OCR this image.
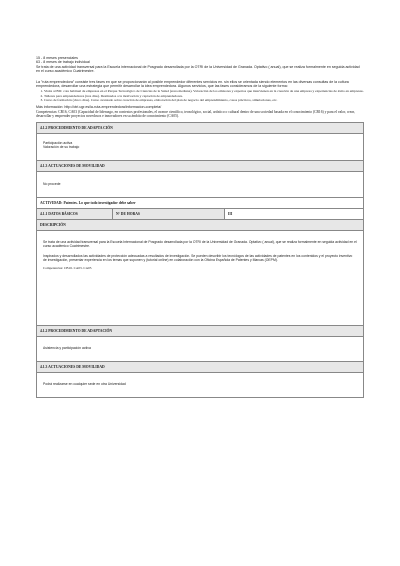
15 - 8 meses presenciales

63 - 8 meses de trabajo individual

Se trata de una actividad transversal para la Escuela internacional de Posgrado desarrollada por la OTRI de la Universidad de Granada. Optativo ( anual), que se realiza formalmente en seguida actividad en el curso académico Cuatrimestre.

La "ruta emprendedora" consiste tres fases en que se proporcionarán al posible emprendedor diferentes servicios en. sin ellos se orientada siendo elementos en las diversas consultas de la cultura emprendedora, desarrollar una estrategia que permitir desarrollar la idea emprendedora. Algunos servicios, que las fases consideramos de la siguiente forma:

1. Visita al BIC cota habitual de empresas en el Parque Tecnológico de Ciencias de la Salud (zona mediana). Valoración de los emisores y expertos que intervienen en la creación de una empresa y experiencias de éxito en empresas.
2. Talleres para emprendedores (tres días). Destinados a la motivación y captación de emprendedores.
3. Curso de formación (cinco días). Curso avanzado sobre creación de empresas, elaboración del plan de negocio del emprendimiento, casos prácticos, simulaciones, etc.

Más información: http://otri.ugr.es/la-ruta-emprendedora/informacion-completa/

Competencias: CB16, CA03 (Capacidad de liderazgo, en contextos profesionales, el avance científico, tecnológico, social, artístico o cultural dentro de una sociedad basada en el conocimiento (CB16) y para el valor, crear, desarrollar y emprender proyectos novedosos e innovadores en su ámbito de conocimiento (CA05).

4.1.2 PROCEDIMIENTO DE ADAPTA CIÓN
Participación activa
Valoración de su trabajo
4.1.3 ACTUACIONES DE MOVILIDAD
No procede
ACTIVIDAD: Patentes. Lo que todo investigador debe saber
4.1.1 DATOS BÁSICOS	Nº DE HORAS	III
DESCRIPCIÓN
Se trata de una actividad transversal para la Escuela Internacional de Posgrado desarrollada por la OTRI de la Universidad de Granada. Optativo ( anual), que se realiza formalmente en seguida actividad en el curso académico Cuatrimestre.
Inspirados y desarrollados las actividades de protección adecuadas a resultados de investigación. Se pueden describir los tecnólogos de las actividades de patentes en los contenidos y el proyecto inventivo de investigación, presentar experiencia en los temas que suponen y (tutorial online) en colaboración con la Oficina Española de Patentes y Marcas (OEPM).
Competencias: CB16. CA03. CA05
4.1.2 PROCEDIMIENTO DE ADAPTACIÓN
Asistencia y participación activa
4.1.3 ACTUACIONES DE MOVILIDAD
Podrá realizarse en cualquier sede en otra Universidad
